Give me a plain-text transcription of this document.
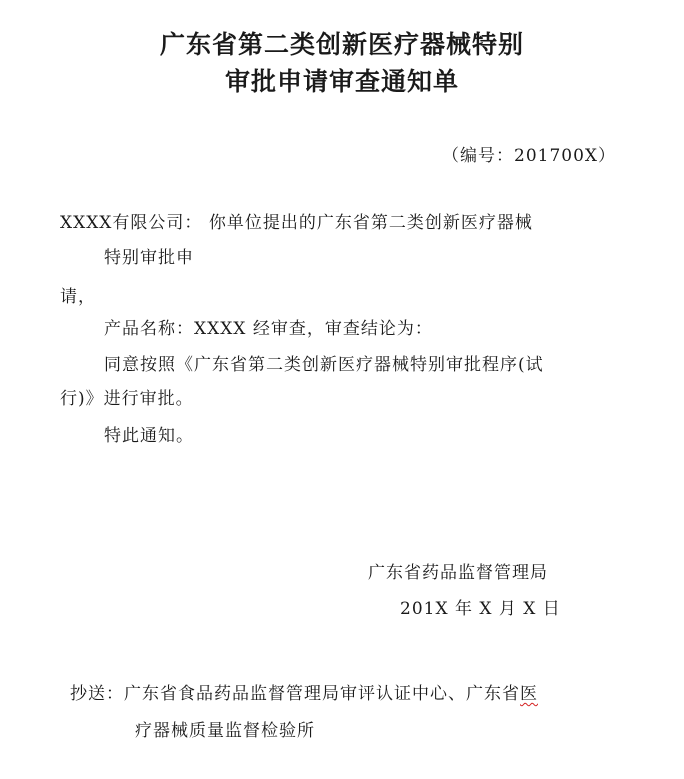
广东省第二类创新医疗器械特别
审批申请审查通知单
（编号：201700X）
XXXX有限公司： 你单位提出的广东省第二类创新医疗器械
特别审批申
请，
产品名称：XXXX 经审查，审查结论为：
同意按照《广东省第二类创新医疗器械特别审批程序(试
行)》进行审批。
特此通知。
广东省药品监督管理局
201X 年 X 月 X 日
抄送：广东省食品药品监督管理局审评认证中心、广东省医
疗器械质量监督检验所
